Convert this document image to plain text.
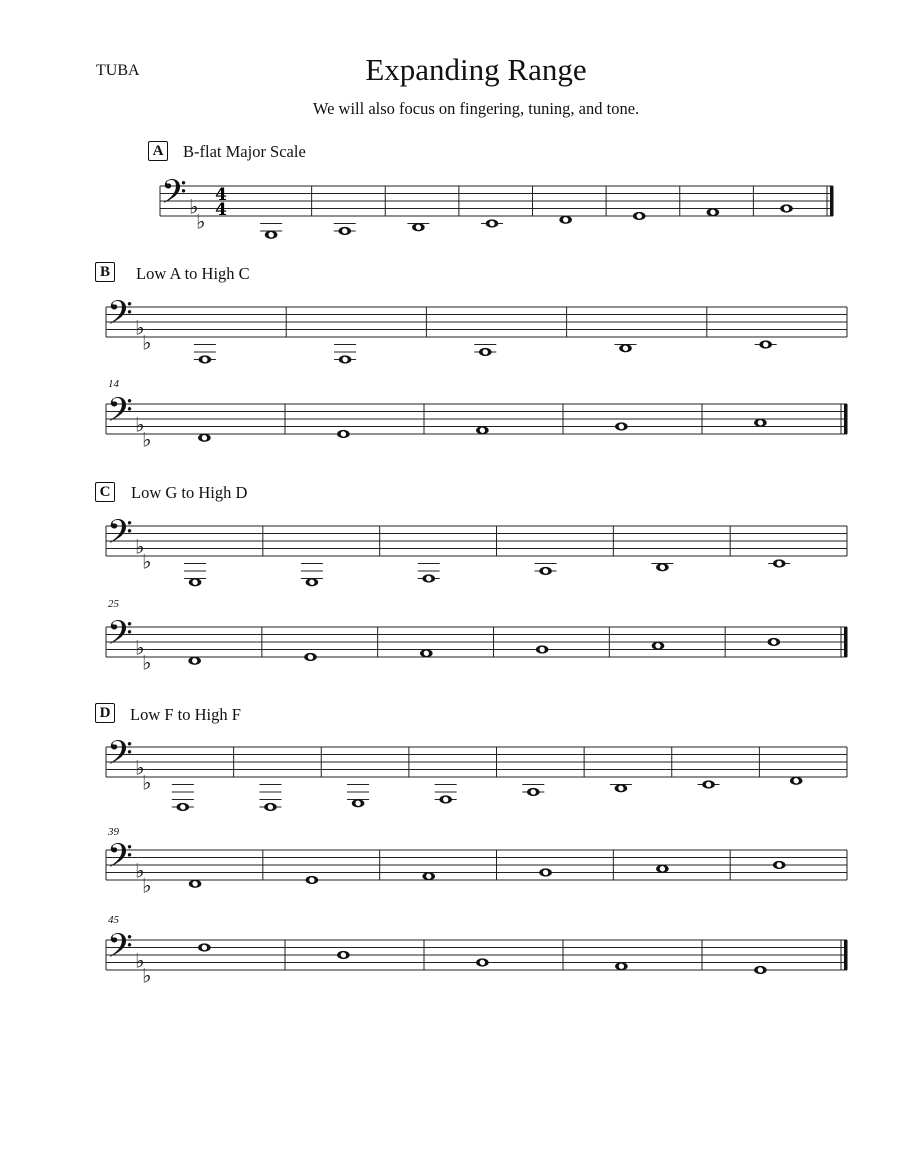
TUBA	Expanding Range
We will also focus on fingering, tuning, and tone.
A B-flat Major Scale
B	Low A to High C
C Low G to High D
D Low F to High F
14
25
39
45
𝄢 ♭
♭
4
4
𝄢 ♭
♭
𝄢 ♭
♭
𝄢 ♭
♭
𝄢 ♭
♭
𝄢 ♭
♭
𝄢 ♭
♭
𝄢 ♭
♭
